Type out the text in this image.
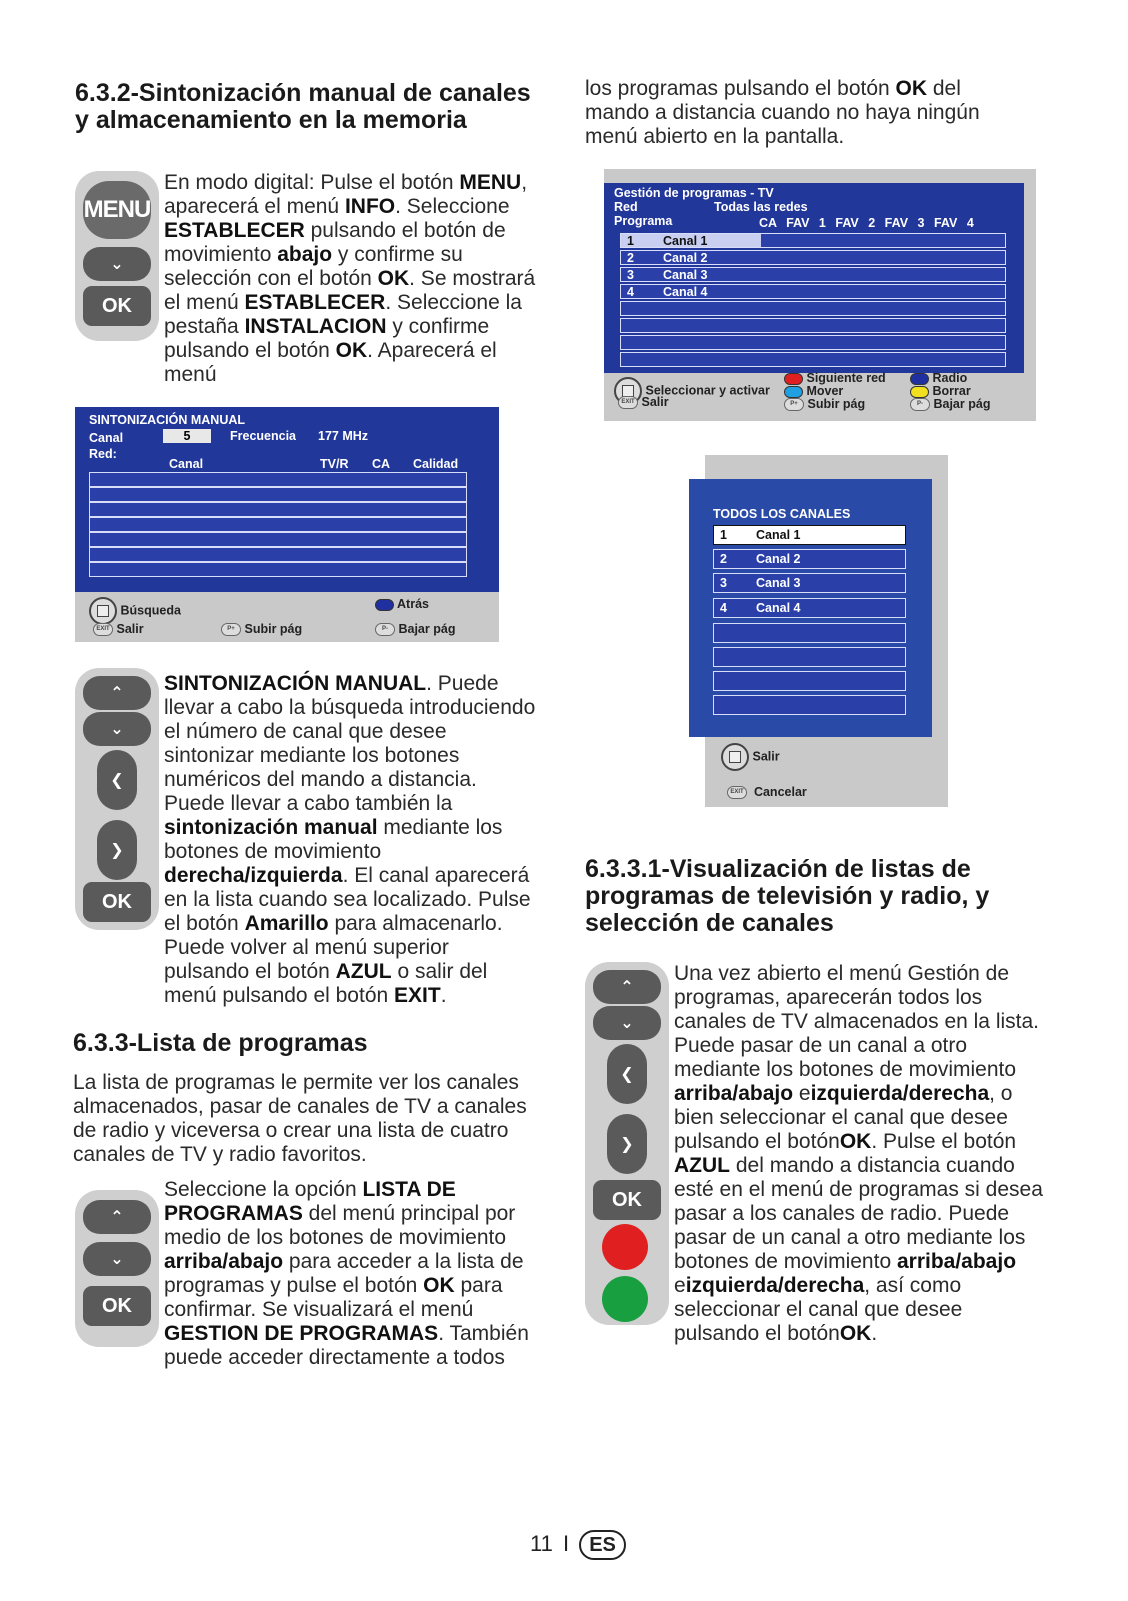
6.3.2-Sintonización manual de canales y almacenamiento en la memoria
MENU
⌄
OK
En modo digital: Pulse el botón MENU, aparecerá el menú INFO. Seleccione ESTABLECER pulsando el botón de movimiento abajo y confirme su selección con el botón OK. Se mostrará el menú ESTABLECER. Seleccione la pestaña INSTALACION y confirme pulsando el botón OK. Aparecerá el menú
SINTONIZACIÓN MANUAL
Canal	5	Frecuencia 177 MHz
Red:
Canal	TV/R CA Calidad
Búsqueda	Atrás
EXIT Salir	P+ Subir pág	P- Bajar pág
⌃
⌄
❮
❯
OK
SINTONIZACIÓN MANUAL. Puede llevar a cabo la búsqueda introduciendo el número de canal que desee sintonizar mediante los botones numéricos del mando a distancia. Puede llevar a cabo también la sintonización manual mediante los botones de movimiento derecha/izquierda. El canal aparecerá en la lista cuando sea localizado. Pulse el botón Amarillo para almacenarlo. Puede volver al menú superior pulsando el botón AZUL o salir del menú pulsando el botón EXIT.
6.3.3-Lista de programas
La lista de programas le permite ver los canales almacenados, pasar de canales de TV a canales de radio y viceversa o crear una lista de cuatro canales de TV y radio favoritos.
⌃
⌄
OK
Seleccione la opción LISTA DE PROGRAMAS del menú principal por medio de los botones de movimiento arriba/abajo para acceder a la lista de programas y pulse el botón OK para confirmar. Se visualizará el menú GESTION DE PROGRAMAS. También puede acceder directamente a todos
los programas pulsando el botón OK del mando a distancia cuando no haya ningún menú abierto en la pantalla.
Gestión de programas - TV
Red	Todas las redes
Programa	CA FAV 1 FAV 2 FAV 3 FAV 4
1 Canal 1
2 Canal 2
3 Canal 3
4 Canal 4
Seleccionar y activar
EXIT Salir
Siguiente red
Mover
P+ Subir pág
Radio
Borrar
P- Bajar pág
TODOS LOS CANALES
1 Canal 1
2 Canal 2
3 Canal 3
4 Canal 4
Salir
EXIT Cancelar
6.3.3.1-Visualización de listas de programas de televisión y radio, y selección de canales
⌃
⌄
❮
❯
OK
Una vez abierto el menú Gestión de programas, aparecerán todos los canales de TV almacenados en la lista. Puede pasar de un canal a otro mediante los botones de movimiento arriba/abajo eizquierda/derecha, o bien seleccionar el canal que desee pulsando el botónOK. Pulse el botón AZUL del mando a distancia cuando esté en el menú de programas si desea pasar a los canales de radio. Puede pasar de un canal a otro mediante los botones de movimiento arriba/abajo eizquierda/derecha, así como seleccionar el canal que desee pulsando el botónOK.
11 I ES
